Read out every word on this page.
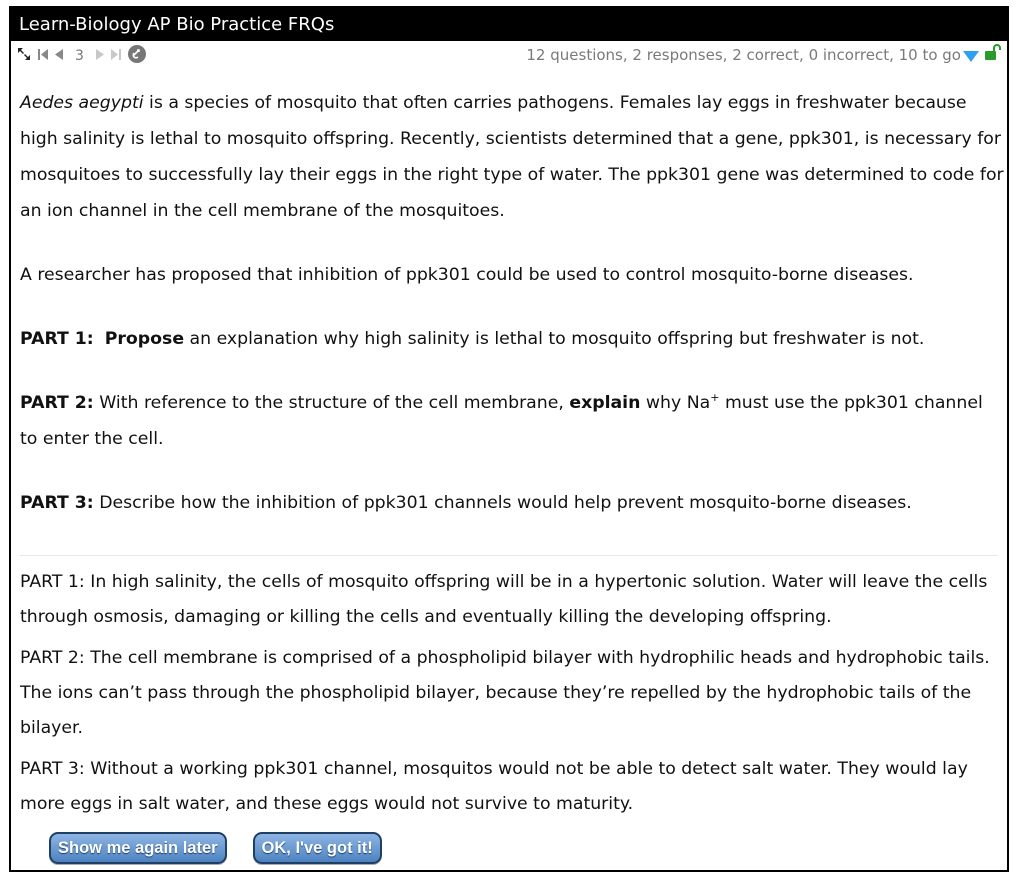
Learn-Biology AP Bio Practice FRQs
3	12 questions, 2 responses, 2 correct, 0 incorrect, 10 to go

Aedes aegypti is a species of mosquito that often carries pathogens. Females lay eggs in freshwater because high salinity is lethal to mosquito offspring. Recently, scientists determined that a gene, ppk301, is necessary for mosquitoes to successfully lay their eggs in the right type of water. The ppk301 gene was determined to code for an ion channel in the cell membrane of the mosquitoes.

A researcher has proposed that inhibition of ppk301 could be used to control mosquito-borne diseases.

PART 1: Propose an explanation why high salinity is lethal to mosquito offspring but freshwater is not.

PART 2: With reference to the structure of the cell membrane, explain why Na+ must use the ppk301 channel to enter the cell.

PART 3: Describe how the inhibition of ppk301 channels would help prevent mosquito-borne diseases.

PART 1: In high salinity, the cells of mosquito offspring will be in a hypertonic solution. Water will leave the cells through osmosis, damaging or killing the cells and eventually killing the developing offspring.

PART 2: The cell membrane is comprised of a phospholipid bilayer with hydrophilic heads and hydrophobic tails. The ions can’t pass through the phospholipid bilayer, because they’re repelled by the hydrophobic tails of the bilayer.

PART 3: Without a working ppk301 channel, mosquitos would not be able to detect salt water. They would lay more eggs in salt water, and these eggs would not survive to maturity.

Show me again later	OK, I've got it!
